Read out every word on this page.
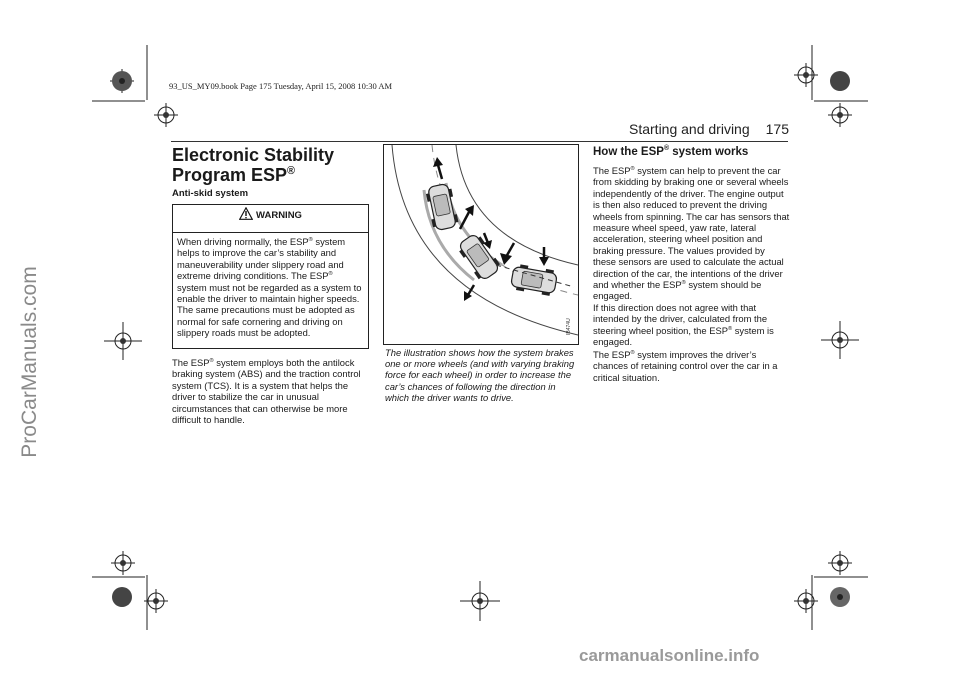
ProCarManuals.com
93_US_MY09.book Page 175 Tuesday, April 15, 2008 10:30 AM
Starting and driving 175
Electronic Stability
Program ESP®
Anti-skid system
WARNING
When driving normally, the ESP® system helps to improve the car’s stability and maneuverability under slippery road and extreme driving conditions. The ESP® system must not be regarded as a system to enable the driver to maintain higher speeds. The same precautions must be adopted as normal for safe cornering and driving on slippery roads must be adopted.
The ESP® system employs both the antilock braking system (ABS) and the traction control system (TCS). It is a system that helps the driver to stabilize the car in unusual circumstances that can otherwise be more difficult to handle.
IB474U
The illustration shows how the system brakes one or more wheels (and with varying braking force for each wheel) in order to increase the car’s chances of following the direction in which the driver wants to drive.
How the ESP® system works
The ESP® system can help to prevent the car from skidding by braking one or several wheels independently of the driver. The engine output is then also reduced to prevent the driving wheels from spinning. The car has sensors that measure wheel speed, yaw rate, lateral acceleration, steering wheel position and braking pressure. The values provided by these sensors are used to calculate the actual direction of the car, the intentions of the driver and whether the ESP® system should be engaged.
If this direction does not agree with that intended by the driver, calculated from the steering wheel position, the ESP® system is engaged.
The ESP® system improves the driver’s chances of retaining control over the car in a critical situation.
carmanualsonline.info
